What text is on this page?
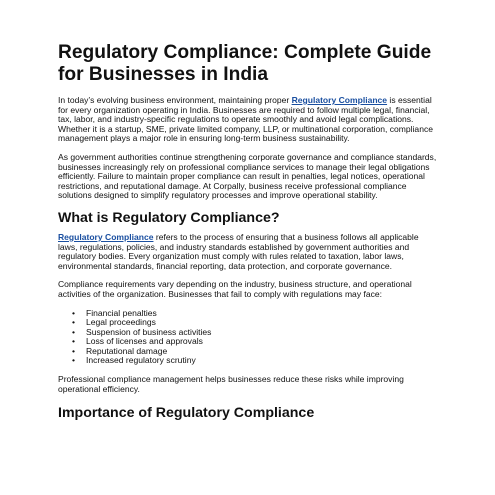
Regulatory Compliance: Complete Guide for Businesses in India

In today’s evolving business environment, maintaining proper Regulatory Compliance is essential for every organization operating in India. Businesses are required to follow multiple legal, financial, tax, labor, and industry-specific regulations to operate smoothly and avoid legal complications. Whether it is a startup, SME, private limited company, LLP, or multinational corporation, compliance management plays a major role in ensuring long-term business sustainability.

As government authorities continue strengthening corporate governance and compliance standards, businesses increasingly rely on professional compliance services to manage their legal obligations efficiently. Failure to maintain proper compliance can result in penalties, legal notices, operational restrictions, and reputational damage. At Corpally, business receive professional compliance solutions designed to simplify regulatory processes and improve operational stability.

What is Regulatory Compliance?

Regulatory Compliance refers to the process of ensuring that a business follows all applicable laws, regulations, policies, and industry standards established by government authorities and regulatory bodies. Every organization must comply with rules related to taxation, labor laws, environmental standards, financial reporting, data protection, and corporate governance.

Compliance requirements vary depending on the industry, business structure, and operational activities of the organization. Businesses that fail to comply with regulations may face:

• Financial penalties
• Legal proceedings
• Suspension of business activities
• Loss of licenses and approvals
• Reputational damage
• Increased regulatory scrutiny

Professional compliance management helps businesses reduce these risks while improving operational efficiency.

Importance of Regulatory Compliance
